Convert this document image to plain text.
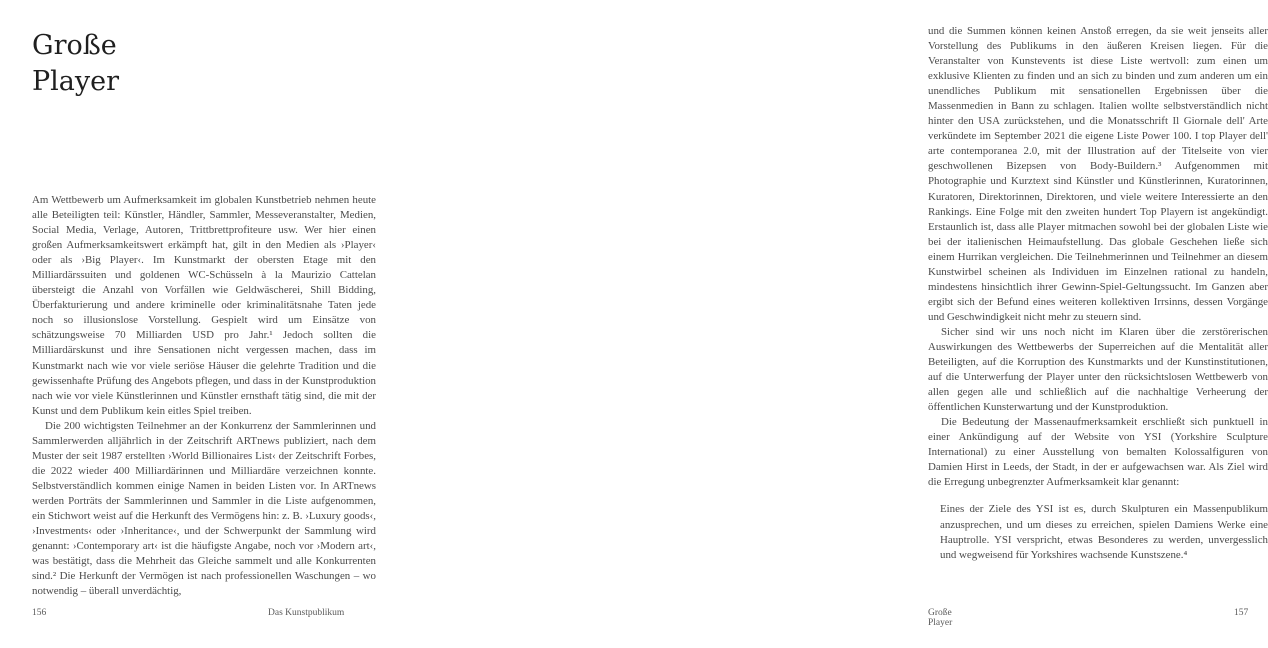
Große
Player

Am Wettbewerb um Aufmerksamkeit im globalen Kunstbetrieb nehmen heute alle Beteiligten teil: Künstler, Händler, Sammler, Messeveranstalter, Medien, Social Media, Verlage, Autoren, Trittbrettprofiteure usw. Wer hier einen großen Aufmerksamkeitswert erkämpft hat, gilt in den Medien als ›Player‹ oder als ›Big Player‹. Im Kunstmarkt der obersten Etage mit den Milliardärssuiten und goldenen WC-Schüsseln à la Maurizio Cattelan übersteigt die Anzahl von Vorfällen wie Geldwäscherei, Shill Bidding, Überfakturierung und andere kriminelle oder kriminalitätsnahe Taten jede noch so illusionslose Vorstellung. Gespielt wird um Einsätze von schätzungsweise 70 Milliarden USD pro Jahr.¹ Jedoch sollten die Milliardärskunst und ihre Sensationen nicht vergessen machen, dass im Kunstmarkt nach wie vor viele seriöse Häuser die gelehrte Tradition und die gewissenhafte Prüfung des Angebots pflegen, und dass in der Kunstproduktion nach wie vor viele Künstlerinnen und Künstler ernsthaft tätig sind, die mit der Kunst und dem Publikum kein eitles Spiel treiben.

Die 200 wichtigsten Teilnehmer an der Konkurrenz der Sammlerinnen und Sammlerwerden alljährlich in der Zeitschrift ARTnews publiziert, nach dem Muster der seit 1987 erstellten ›World Billionaires List‹ der Zeitschrift Forbes, die 2022 wieder 400 Milliardärinnen und Milliardäre verzeichnen konnte. Selbstverständlich kommen einige Namen in beiden Listen vor. In ARTnews werden Porträts der Sammlerinnen und Sammler in die Liste aufgenommen, ein Stichwort weist auf die Herkunft des Vermögens hin: z. B. ›Luxury goods‹, ›Investments‹ oder ›Inheritance‹, und der Schwerpunkt der Sammlung wird genannt: ›Contemporary art‹ ist die häufigste Angabe, noch vor ›Modern art‹, was bestätigt, dass die Mehrheit das Gleiche sammelt und alle Konkurrenten sind.² Die Herkunft der Vermögen ist nach professionellen Waschungen – wo notwendig – überall unverdächtig,

156	Das Kunstpublikum

und die Summen können keinen Anstoß erregen, da sie weit jenseits aller Vorstellung des Publikums in den äußeren Kreisen liegen. Für die Veranstalter von Kunstevents ist diese Liste wertvoll: zum einen um exklusive Klienten zu finden und an sich zu binden und zum anderen um ein unendliches Publikum mit sensationellen Ergebnissen über die Massenmedien in Bann zu schlagen. Italien wollte selbstverständlich nicht hinter den USA zurückstehen, und die Monatsschrift Il Giornale dell' Arte verkündete im September 2021 die eigene Liste Power 100. I top Player dell' arte contemporanea 2.0, mit der Illustration auf der Titelseite von vier geschwollenen Bizepsen von Body-Buildern.³ Aufgenommen mit Photographie und Kurztext sind Künstler und Künstlerinnen, Kuratorinnen, Kuratoren, Direktorinnen, Direktoren, und viele weitere Interessierte an den Rankings. Eine Folge mit den zweiten hundert Top Playern ist angekündigt. Erstaunlich ist, dass alle Player mitmachen sowohl bei der globalen Liste wie bei der italienischen Heimaufstellung. Das globale Geschehen ließe sich einem Hurrikan vergleichen. Die Teilnehmerinnen und Teilnehmer an diesem Kunstwirbel scheinen als Individuen im Einzelnen rational zu handeln, mindestens hinsichtlich ihrer Gewinn-Spiel-Geltungssucht. Im Ganzen aber ergibt sich der Befund eines weiteren kollektiven Irrsinns, dessen Vorgänge und Geschwindigkeit nicht mehr zu steuern sind.

Sicher sind wir uns noch nicht im Klaren über die zerstörerischen Auswirkungen des Wettbewerbs der Superreichen auf die Mentalität aller Beteiligten, auf die Korruption des Kunstmarkts und der Kunstinstitutionen, auf die Unterwerfung der Player unter den rücksichtslosen Wettbewerb von allen gegen alle und schließlich auf die nachhaltige Verheerung der öffentlichen Kunsterwartung und der Kunstproduktion.

Die Bedeutung der Massenaufmerksamkeit erschließt sich punktuell in einer Ankündigung auf der Website von YSI (Yorkshire Sculpture International) zu einer Ausstellung von bemalten Kolossalfiguren von Damien Hirst in Leeds, der Stadt, in der er aufgewachsen war. Als Ziel wird die Erregung unbegrenzter Aufmerksamkeit klar genannt:

Eines der Ziele des YSI ist es, durch Skulpturen ein Massenpublikum anzusprechen, und um dieses zu erreichen, spielen Damiens Werke eine Hauptrolle. YSI verspricht, etwas Besonderes zu werden, unvergesslich und wegweisend für Yorkshires wachsende Kunstszene.⁴

Große Player
157
